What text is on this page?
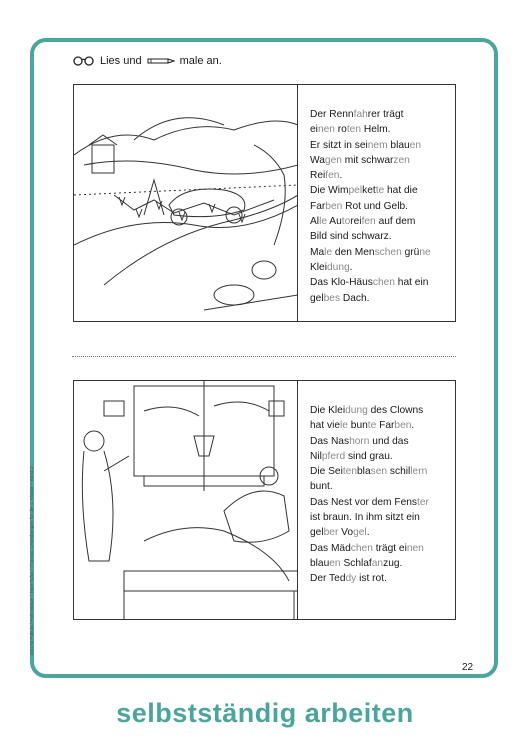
Lies und	male an.

Der Rennfahrer trägt

einen roten Helm.

Er sitzt in seinem blauen

Wagen mit schwarzen

Reifen.

Die Wimpelkette hat die

Farben Rot und Gelb.

Alle Autoreifen auf dem

Bild sind schwarz.

Male den Menschen grüne

Kleidung.

Das Klo-Häuschen hat ein

gelbes Dach.

Die Kleidung des Clowns

hat viele bunte Farben.

Das Nashorn und das

Nilpferd sind grau.

Die Seitenblasen schillern

bunt.

Das Nest vor dem Fenster

ist braun. In ihm sitzt ein

gelber Vogel.

Das Mädchen trägt einen

blauen Schlafanzug.

Der Teddy ist rot.

DE276 Pakula / Palm-Bauer / Tepe-Tyfus / Thomas: Leseübungen für die 1. Klasse – Band 2
22
selbstständig arbeiten
